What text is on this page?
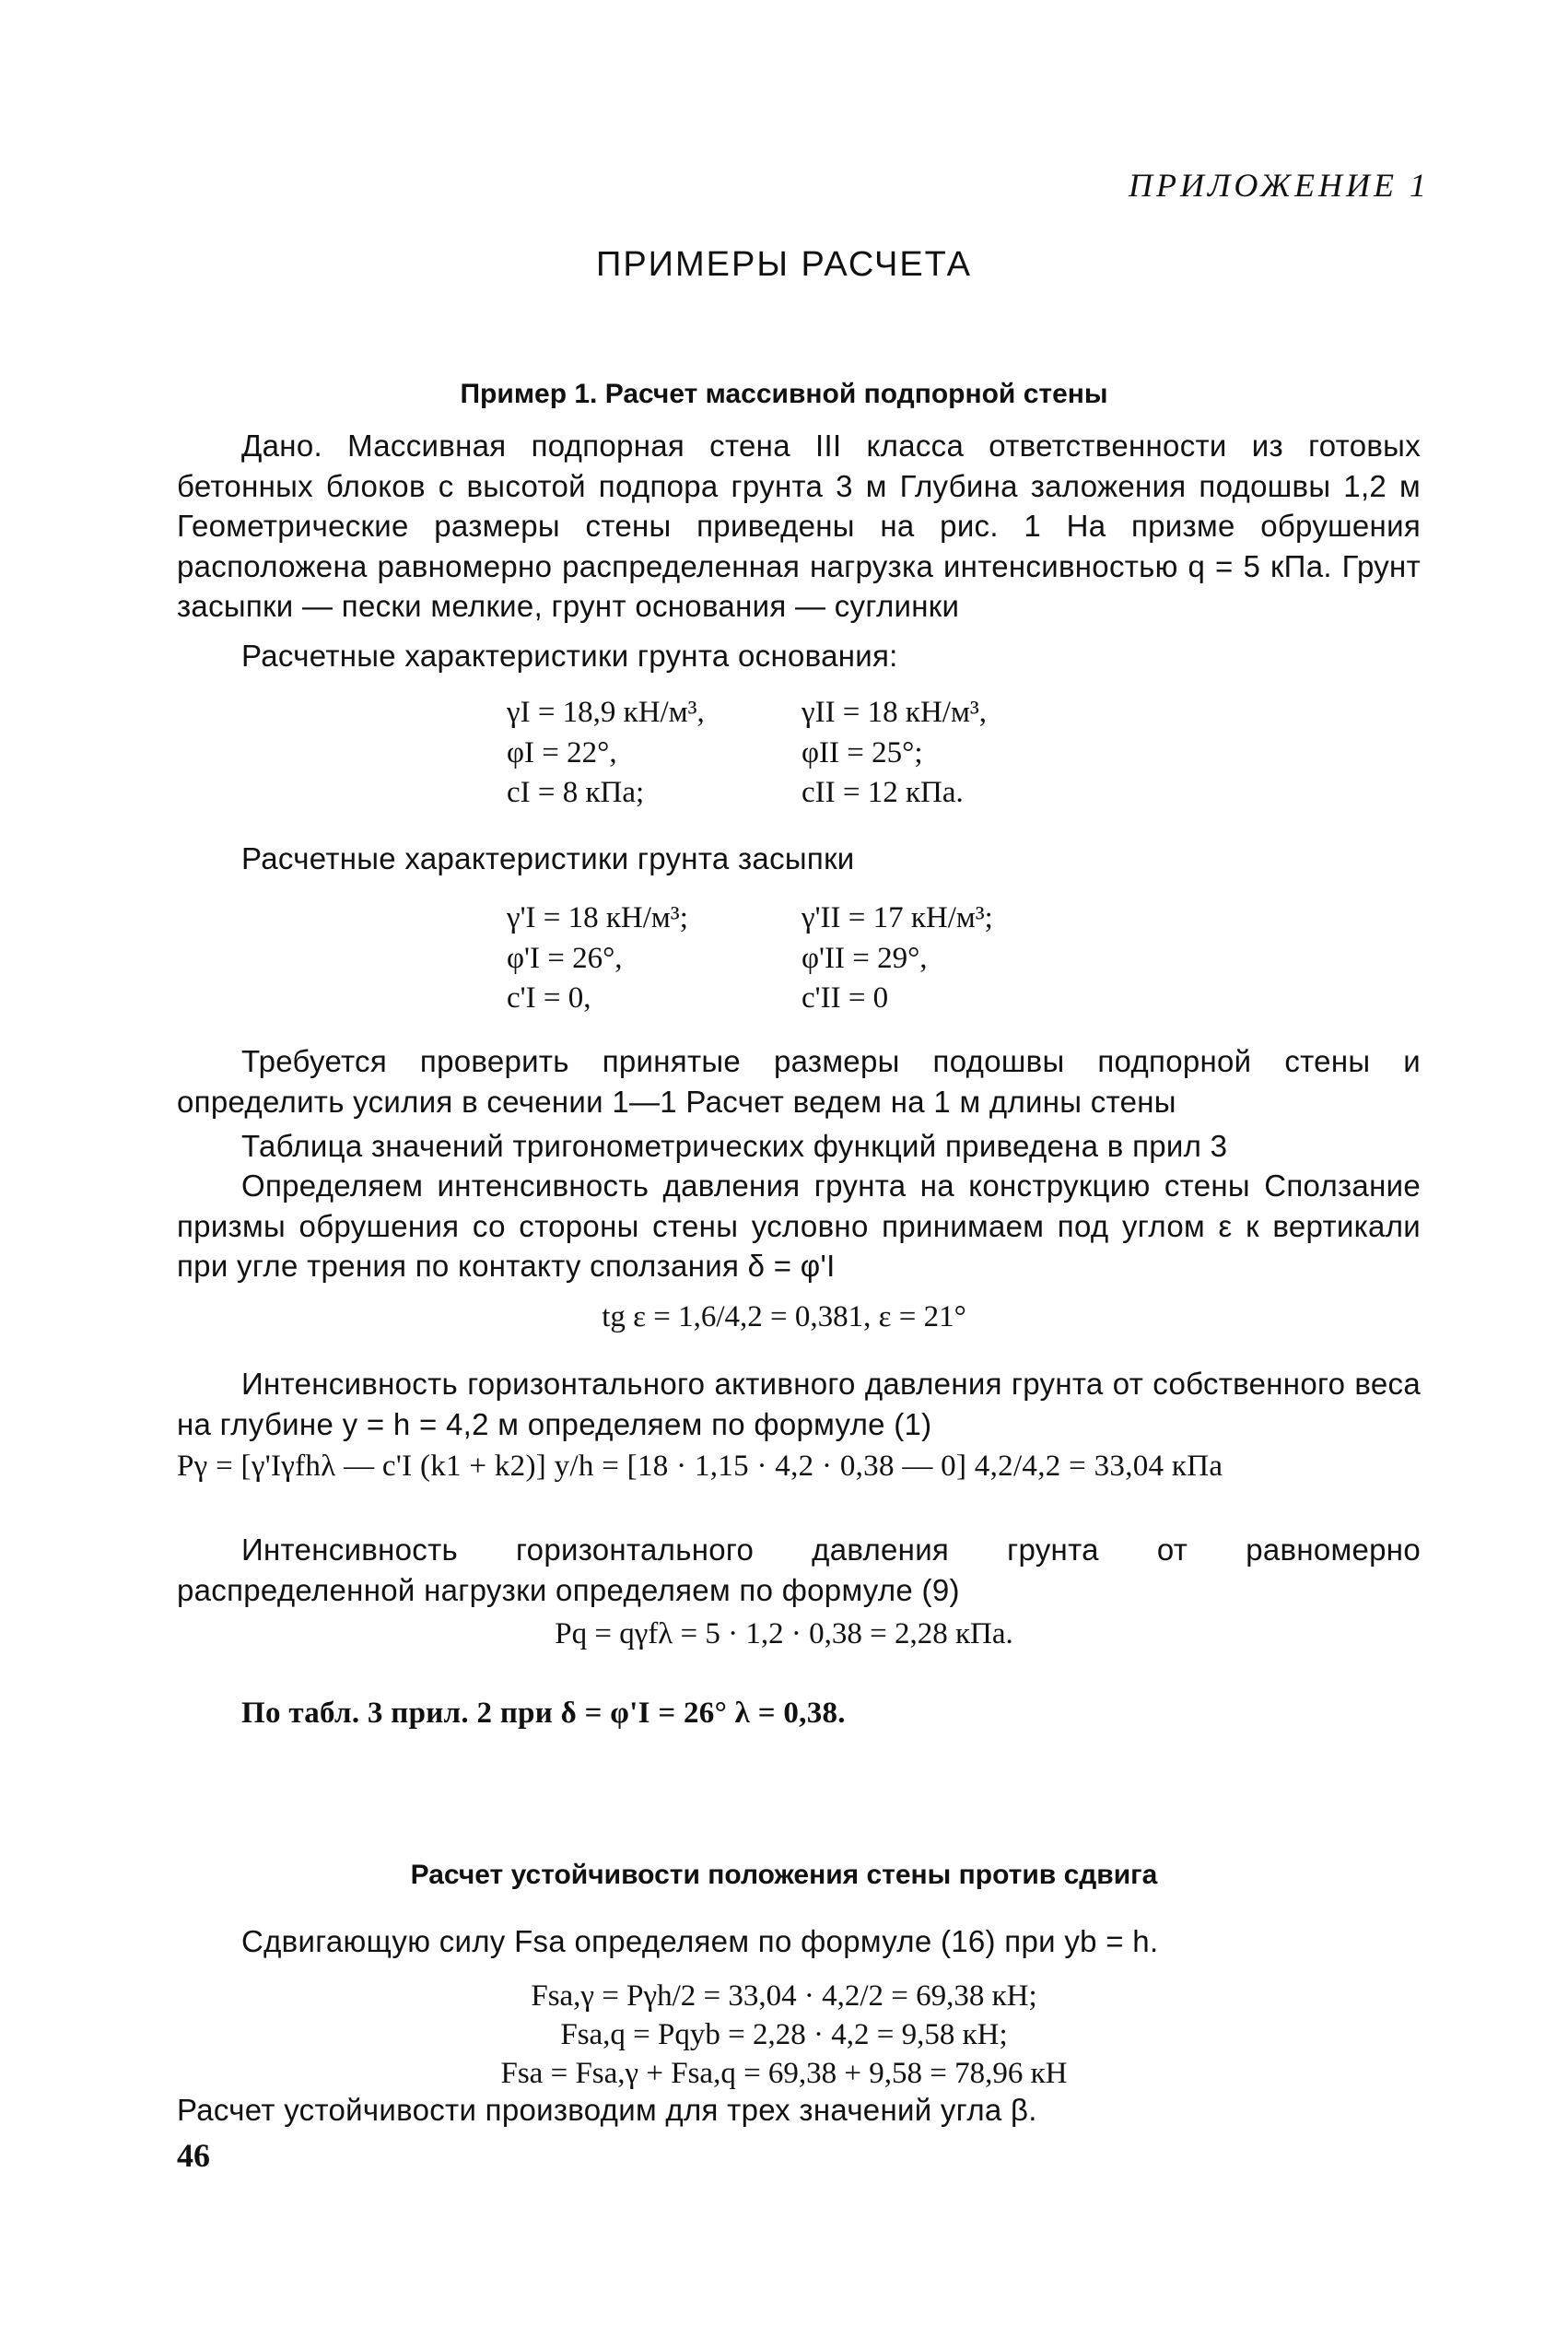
ПРИЛОЖЕНИЕ 1
ПРИМЕРЫ РАСЧЕТА
Пример 1. Расчет массивной подпорной стены
Дано. Массивная подпорная стена III класса ответственности из готовых бетонных блоков с высотой подпора грунта 3 м Глубина заложения подошвы 1,2 м Геометрические размеры стены приведены на рис. 1 На призме обрушения расположена равномерно распределенная нагрузка интенсивностью q = 5 кПа. Грунт засыпки — пески мелкие, грунт основания — суглинки
Расчетные характеристики грунта основания:
γI = 18,9 кН/м³,	γII = 18 кН/м³,
φI = 22°,	φII = 25°;
cI = 8 кПа;	cII = 12 кПа.
Расчетные характеристики грунта засыпки
γ'I = 18 кН/м³;	γ'II = 17 кН/м³;
φ'I = 26°,	φ'II = 29°,
c'I = 0,	c'II = 0
Требуется проверить принятые размеры подошвы подпорной стены и определить усилия в сечении 1—1 Расчет ведем на 1 м длины стены
Таблица значений тригонометрических функций приведена в прил 3
Определяем интенсивность давления грунта на конструкцию стены Сползание призмы обрушения со стороны стены условно принимаем под углом ε к вертикали при угле трения по контакту сползания δ = φ'I
tg ε = 1,6/4,2 = 0,381, ε = 21°
Интенсивность горизонтального активного давления грунта от собственного веса на глубине y = h = 4,2 м определяем по формуле (1)
Pγ = [γ'Iγfhλ — c'I (k1 + k2)] y/h = [18 · 1,15 · 4,2 · 0,38 — 0] 4,2/4,2 = 33,04 кПа
Интенсивность горизонтального давления грунта от равномерно распределенной нагрузки определяем по формуле (9)
Pq = qγfλ = 5 · 1,2 · 0,38 = 2,28 кПа.
По табл. 3 прил. 2 при δ = φ'I = 26° λ = 0,38.
Расчет устойчивости положения стены против сдвига
Сдвигающую силу Fsa определяем по формуле (16) при yb = h.
Fsa,γ = Pγh/2 = 33,04 · 4,2/2 = 69,38 кН;
Fsa,q = Pqyb = 2,28 · 4,2 = 9,58 кН;
Fsa = Fsa,γ + Fsa,q = 69,38 + 9,58 = 78,96 кН
Расчет устойчивости производим для трех значений угла β.
46
